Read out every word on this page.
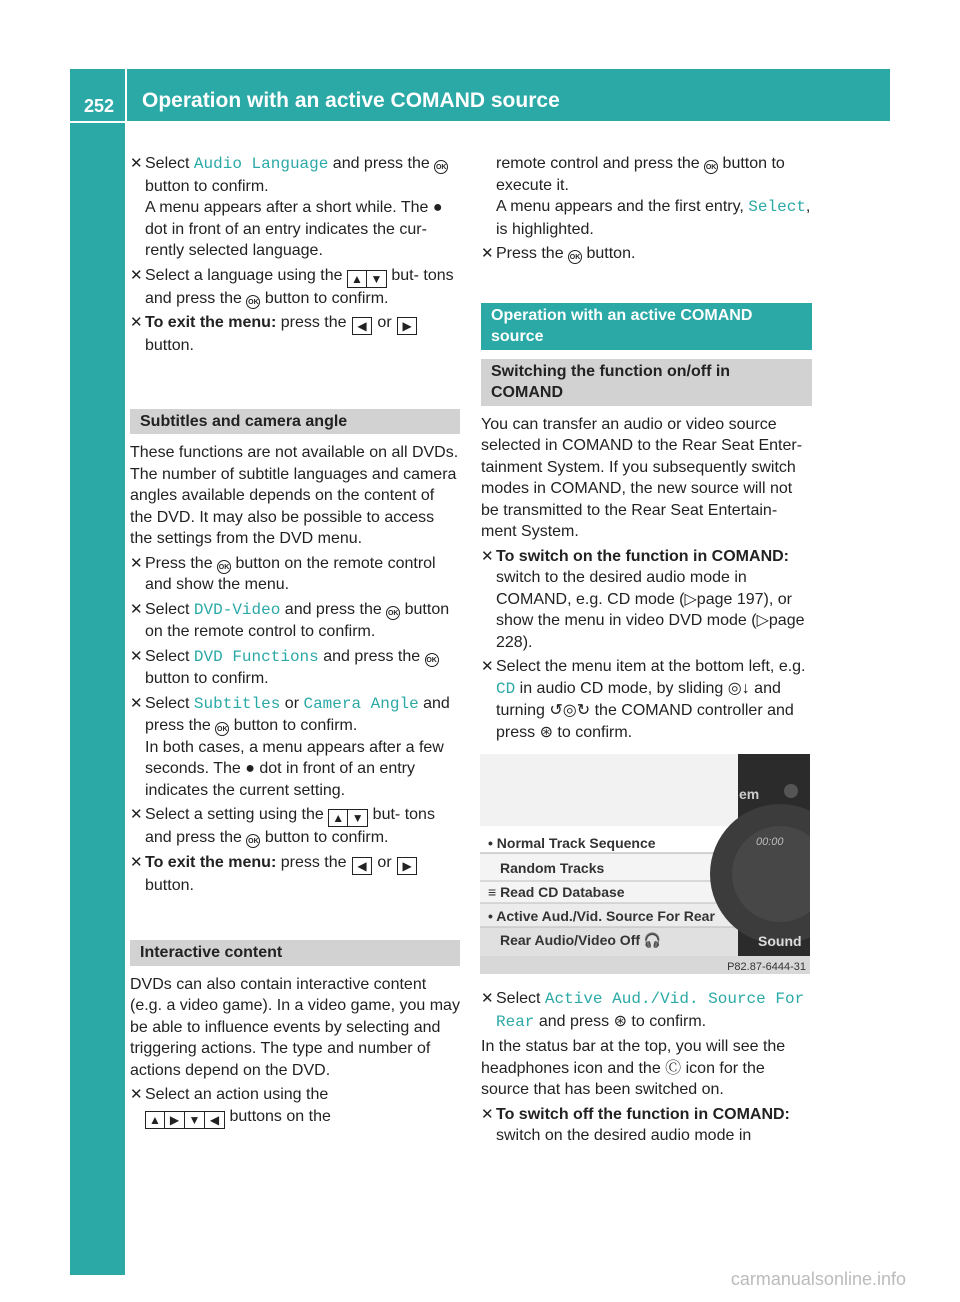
252 Operation with an active COMAND source
Rear Seat Entertainment System
✕ Select Audio Language and press the OK button to confirm.
A menu appears after a short while. The ● dot in front of an entry indicates the cur- rently selected language.
✕ Select a language using the ▲ ▼ but- tons and press the OK button to confirm.
✕ To exit the menu: press the ◀ or ▶
button.
Subtitles and camera angle

These functions are not available on all DVDs. The number of subtitle languages and camera angles available depends on the content of the DVD. It may also be possible to access the settings from the DVD menu.

✕ Press the OK button on the remote control and show the menu.
✕ Select DVD-Video and press the OK button on the remote control to confirm.
✕ Select DVD Functions and press the OK
button to confirm.
✕ Select Subtitles or Camera Angle and press the OK button to confirm.
In both cases, a menu appears after a few seconds. The ● dot in front of an entry indicates the current setting.
✕ Select a setting using the ▲ ▼ but- tons and press the OK button to confirm.
✕ To exit the menu: press the ◀ or ▶
button.
Interactive content

DVDs can also contain interactive content (e.g. a video game). In a video game, you may be able to influence events by selecting and triggering actions. The type and number of actions depend on the DVD.

✕ Select an action using the

▲ ▶ ▼ ◀ buttons on the
remote control and press the OK button to execute it.
A menu appears and the first entry, Select, is highlighted.
✕ Press the OK button.
Operation with an active COMAND source
Switching the function on/off in COMAND

You can transfer an audio or video source selected in COMAND to the Rear Seat Enter- tainment System. If you subsequently switch modes in COMAND, the new source will not be transmitted to the Rear Seat Entertain- ment System.

✕ To switch on the function in COMAND:
switch to the desired audio mode in COMAND, e.g. CD mode (▷page 197), or show the menu in video DVD mode (▷page 228).
✕ Select the menu item at the bottom left, e.g. CD in audio CD mode, by sliding ◎↓ and turning ↺◎↻ the COMAND controller and press ⊛ to confirm.
• Normal Track Sequence
Random Tracks
≡ Read CD Database
• Active Aud./Vid. Source For Rear
Rear Audio/Video Off 🎧
em
00:00
Sound
P82.87-6444-31
✕ Select Active Aud./Vid. Source For Rear and press ⊛ to confirm.

In the status bar at the top, you will see the headphones icon and the Ⓒ icon for the source that has been switched on.

✕ To switch off the function in COMAND:
switch on the desired audio mode in
carmanualsonline.info
